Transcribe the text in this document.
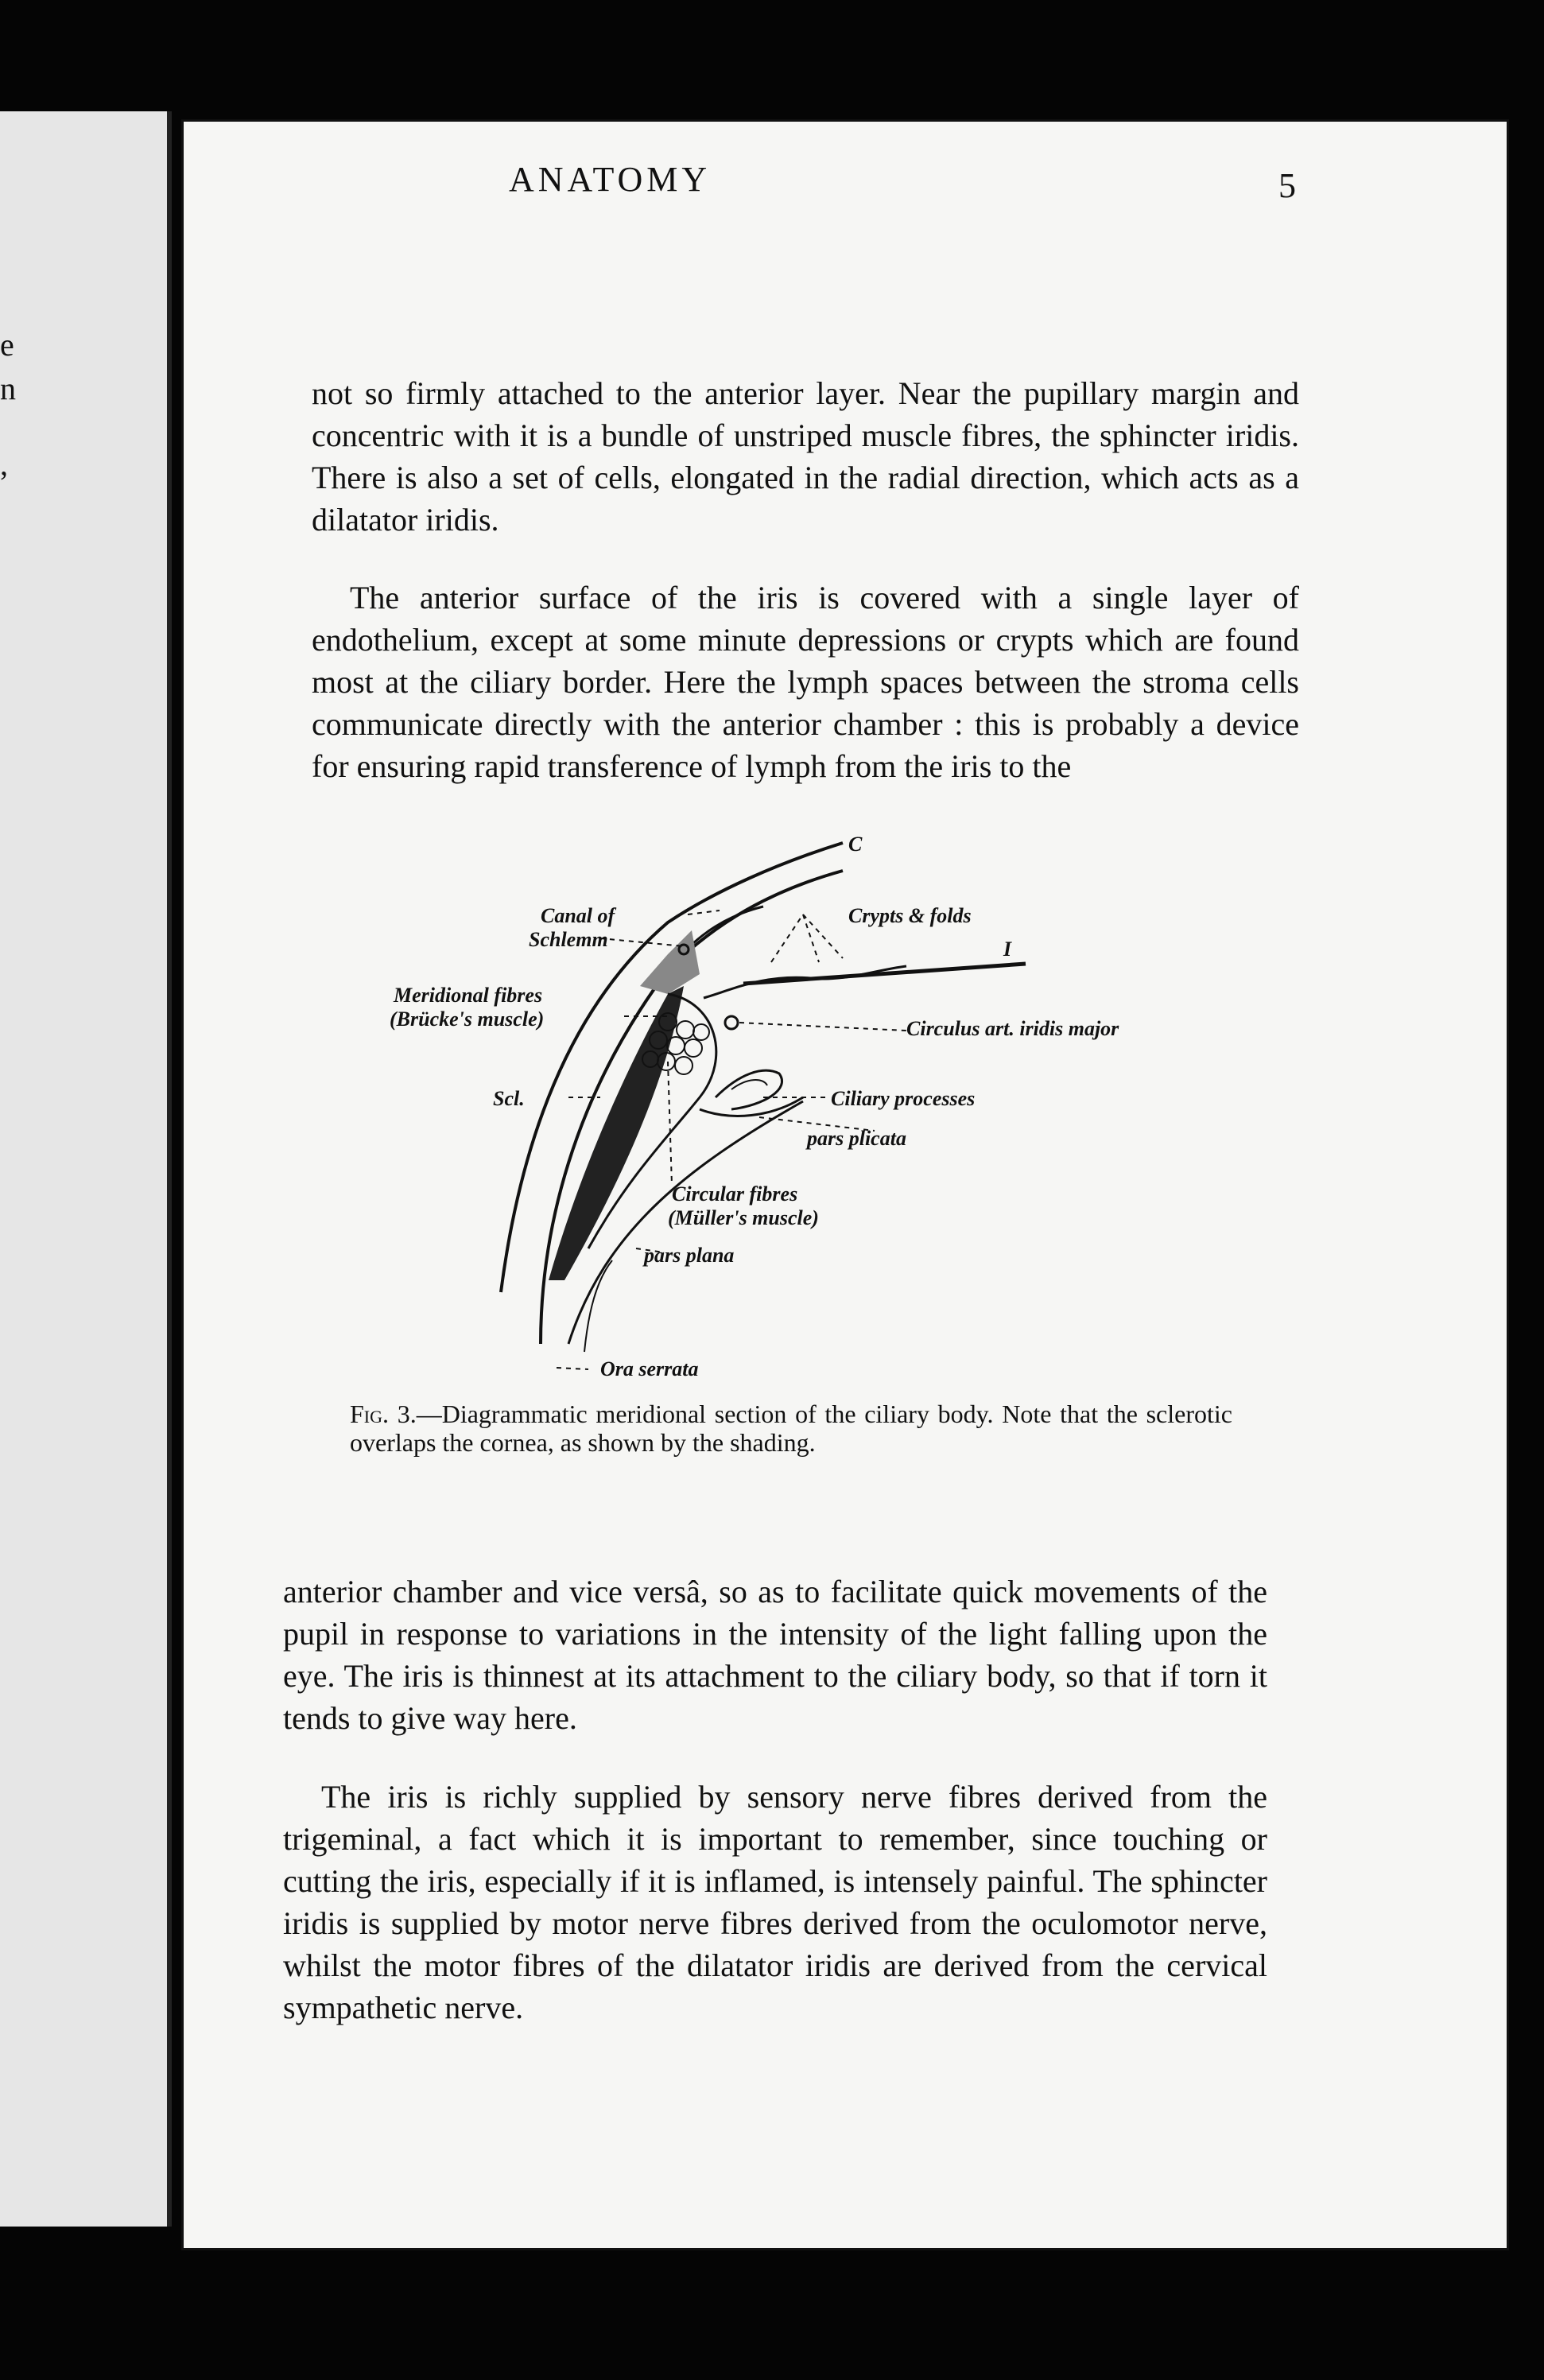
e
n
,
ANATOMY	5

not so firmly attached to the anterior layer. Near the pupillary margin and concentric with it is a bundle of unstriped muscle fibres, the sphincter iridis. There is also a set of cells, elongated in the radial direction, which acts as a dilatator iridis.

The anterior surface of the iris is covered with a single layer of endothelium, except at some minute depressions or crypts which are found most at the ciliary border. Here the lymph spaces between the stroma cells communicate directly with the anterior chamber : this is probably a device for ensuring rapid transference of lymph from the iris to the

C
Canal of
Schlemm
Crypts & folds
I
Meridional fibres
(Brücke's muscle)	Circulus art. iridis major
Scl.	Ciliary processes
pars plicata
Circular fibres
(Müller's muscle)
pars plana
Ora serrata
Fig. 3.—Diagrammatic meridional section of the ciliary body. Note that the sclerotic overlaps the cornea, as shown by the shading.

anterior chamber and vice versâ, so as to facilitate quick movements of the pupil in response to variations in the intensity of the light falling upon the eye. The iris is thinnest at its attachment to the ciliary body, so that if torn it tends to give way here.

The iris is richly supplied by sensory nerve fibres derived from the trigeminal, a fact which it is important to remember, since touching or cutting the iris, especially if it is inflamed, is intensely painful. The sphincter iridis is supplied by motor nerve fibres derived from the oculomotor nerve, whilst the motor fibres of the dilatator iridis are derived from the cervical sympathetic nerve.
